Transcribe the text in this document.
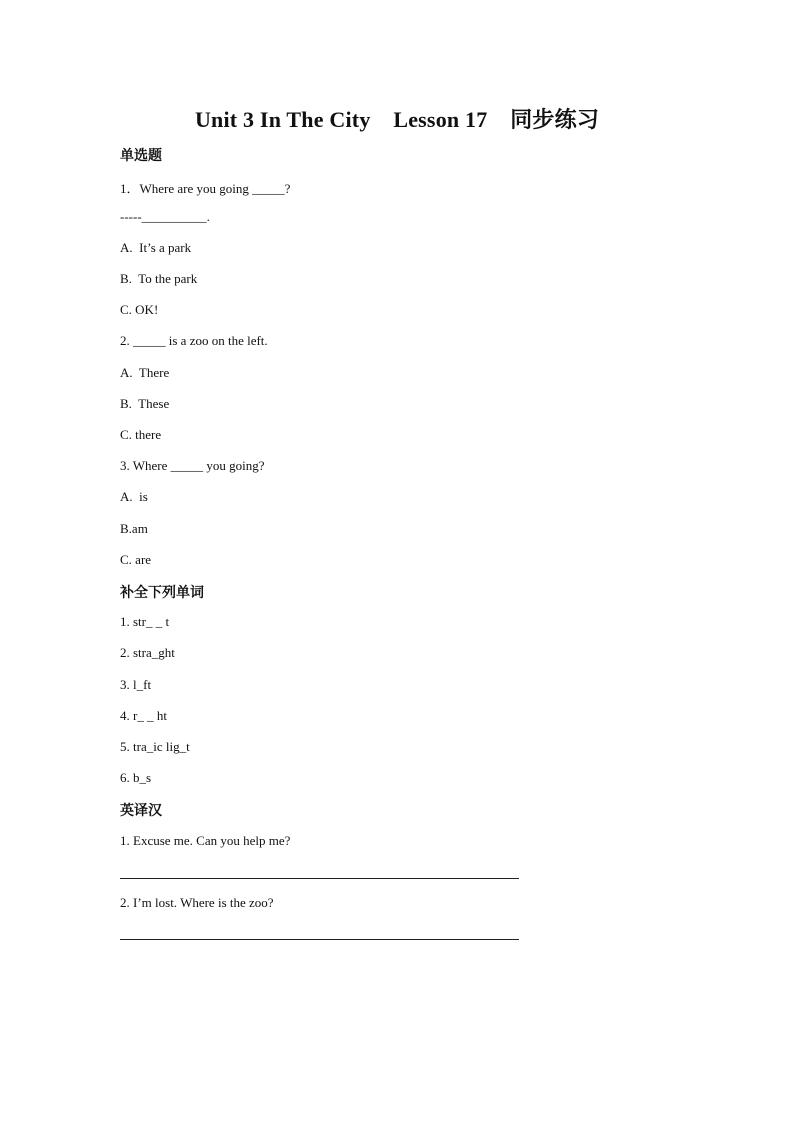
Unit 3 In The City    Lesson 17    同步练习
单选题
1．Where are you going _____?
-----__________.
A.  It’s a park
B.  To the park
C. OK!
2. _____ is a zoo on the left.
A.  There
B.  These
C. there
3. Where _____ you going?
A.  is
B.am
C. are
补全下列单词
1. str_ _ t
2. stra_ght
3. l_ft
4. r_ _ ht
5. tra_ic lig_t
6. b_s
英译汉
1. Excuse me. Can you help me?
2. I’m lost. Where is the zoo?
